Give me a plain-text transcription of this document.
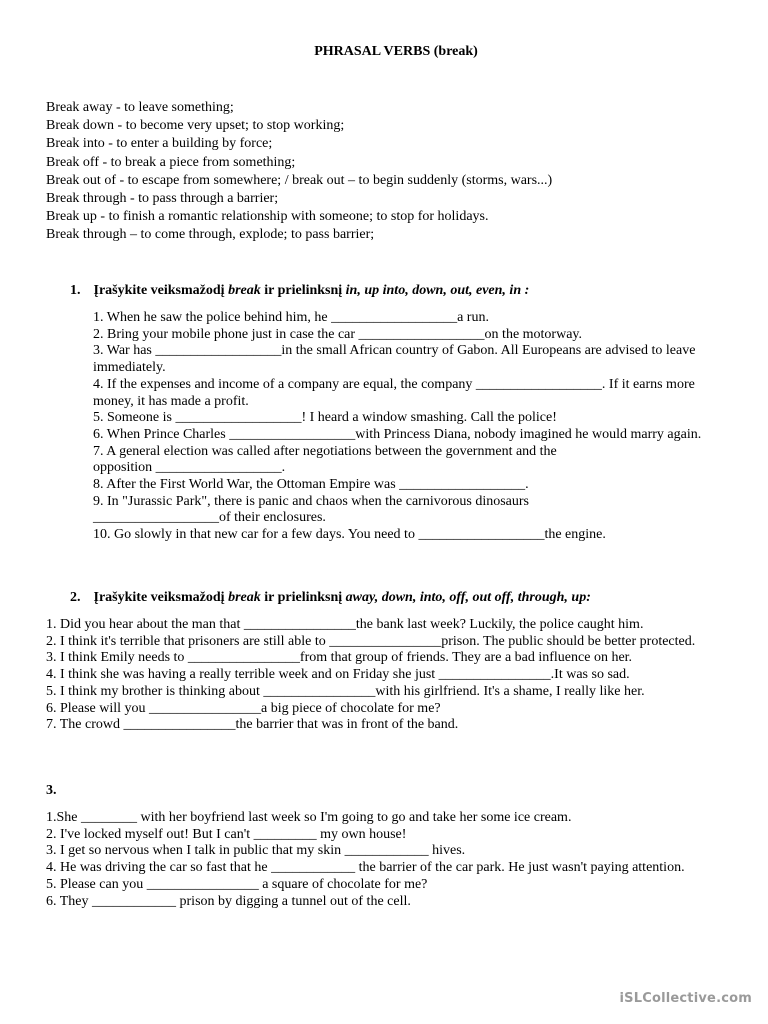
PHRASAL VERBS (break)
Break away - to leave something;
Break down - to become very upset; to stop working;
Break into - to enter a building by force;
Break off - to break a piece from something;
Break out of - to escape from somewhere; / break out – to begin suddenly (storms, wars...)
Break through - to pass through a barrier;
Break up - to finish a romantic relationship with someone; to stop for holidays.
Break through – to come through, explode; to pass barrier;
1. Įrašykite veiksmažodį break ir prielinksnį in, up into, down, out, even, in :
1. When he saw the police behind him, he __________________a run.
2. Bring your mobile phone just in case the car __________________on the motorway.
3. War has __________________in the small African country of Gabon. All Europeans are advised to leave immediately.
4. If the expenses and income of a company are equal, the company __________________. If it earns more money, it has made a profit.
5. Someone is __________________! I heard a window smashing. Call the police!
6. When Prince Charles __________________with Princess Diana, nobody imagined he would marry again.
7. A general election was called after negotiations between the government and the opposition __________________.
8. After the First World War, the Ottoman Empire was __________________.
9. In "Jurassic Park", there is panic and chaos when the carnivorous dinosaurs __________________of their enclosures.
10. Go slowly in that new car for a few days. You need to __________________the engine.
2. Įrašykite veiksmažodį break ir prielinksnį away, down, into, off, out off, through, up:
1. Did you hear about the man that ________________the bank last week? Luckily, the police caught him.
2. I think it's terrible that prisoners are still able to ________________prison. The public should be better protected.
3. I think Emily needs to ________________from that group of friends. They are a bad influence on her.
4. I think she was having a really terrible week and on Friday she just ________________.It was so sad.
5. I think my brother is thinking about ________________with his girlfriend. It's a shame, I really like her.
6. Please will you ________________a big piece of chocolate for me?
7. The crowd ________________the barrier that was in front of the band.
3.
1.She ________ with her boyfriend last week so I'm going to go and take her some ice cream.
2. I've locked myself out! But I can't _________ my own house!
3. I get so nervous when I talk in public that my skin ____________ hives.
4. He was driving the car so fast that he ____________ the barrier of the car park. He just wasn't paying attention.
5. Please can you ________________ a square of chocolate for me?
6. They ____________ prison by digging a tunnel out of the cell.
iSLCollective.com
